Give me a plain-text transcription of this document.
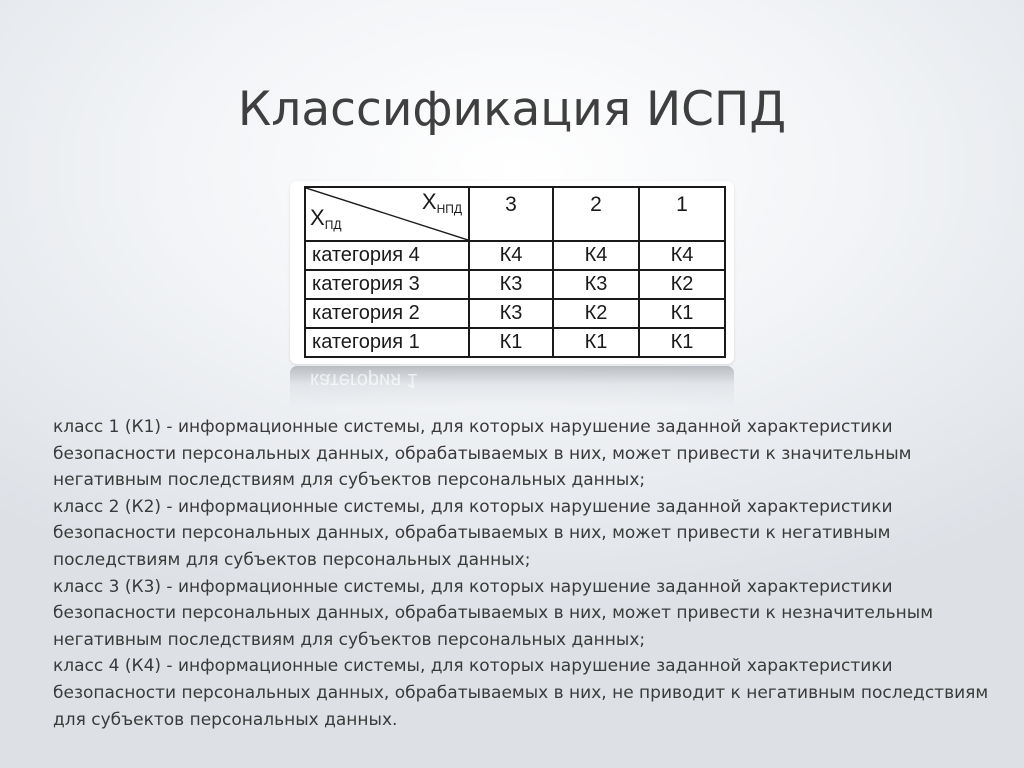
Классификация ИСПД
$X_{НПД}$
$X_{ПД}$	3	2	1
категория 4	К4	К4	К4
категория 3	К3	К3	К2
категория 2	К3	К2	К1
категория 1	К1	К1	К1
категория 1

класс 1 (К1) - информационные системы, для которых нарушение заданной характеристики безопасности персональных данных, обрабатываемых в них, может привести к значительным негативным последствиям для субъектов персональных данных;

класс 2 (К2) - информационные системы, для которых нарушение заданной характеристики безопасности персональных данных, обрабатываемых в них, может привести к негативным последствиям для субъектов персональных данных;

класс 3 (К3) - информационные системы, для которых нарушение заданной характеристики безопасности персональных данных, обрабатываемых в них, может привести к незначительным негативным последствиям для субъектов персональных данных;

класс 4 (К4) - информационные системы, для которых нарушение заданной характеристики безопасности персональных данных, обрабатываемых в них, не приводит к негативным последствиям для субъектов персональных данных.
